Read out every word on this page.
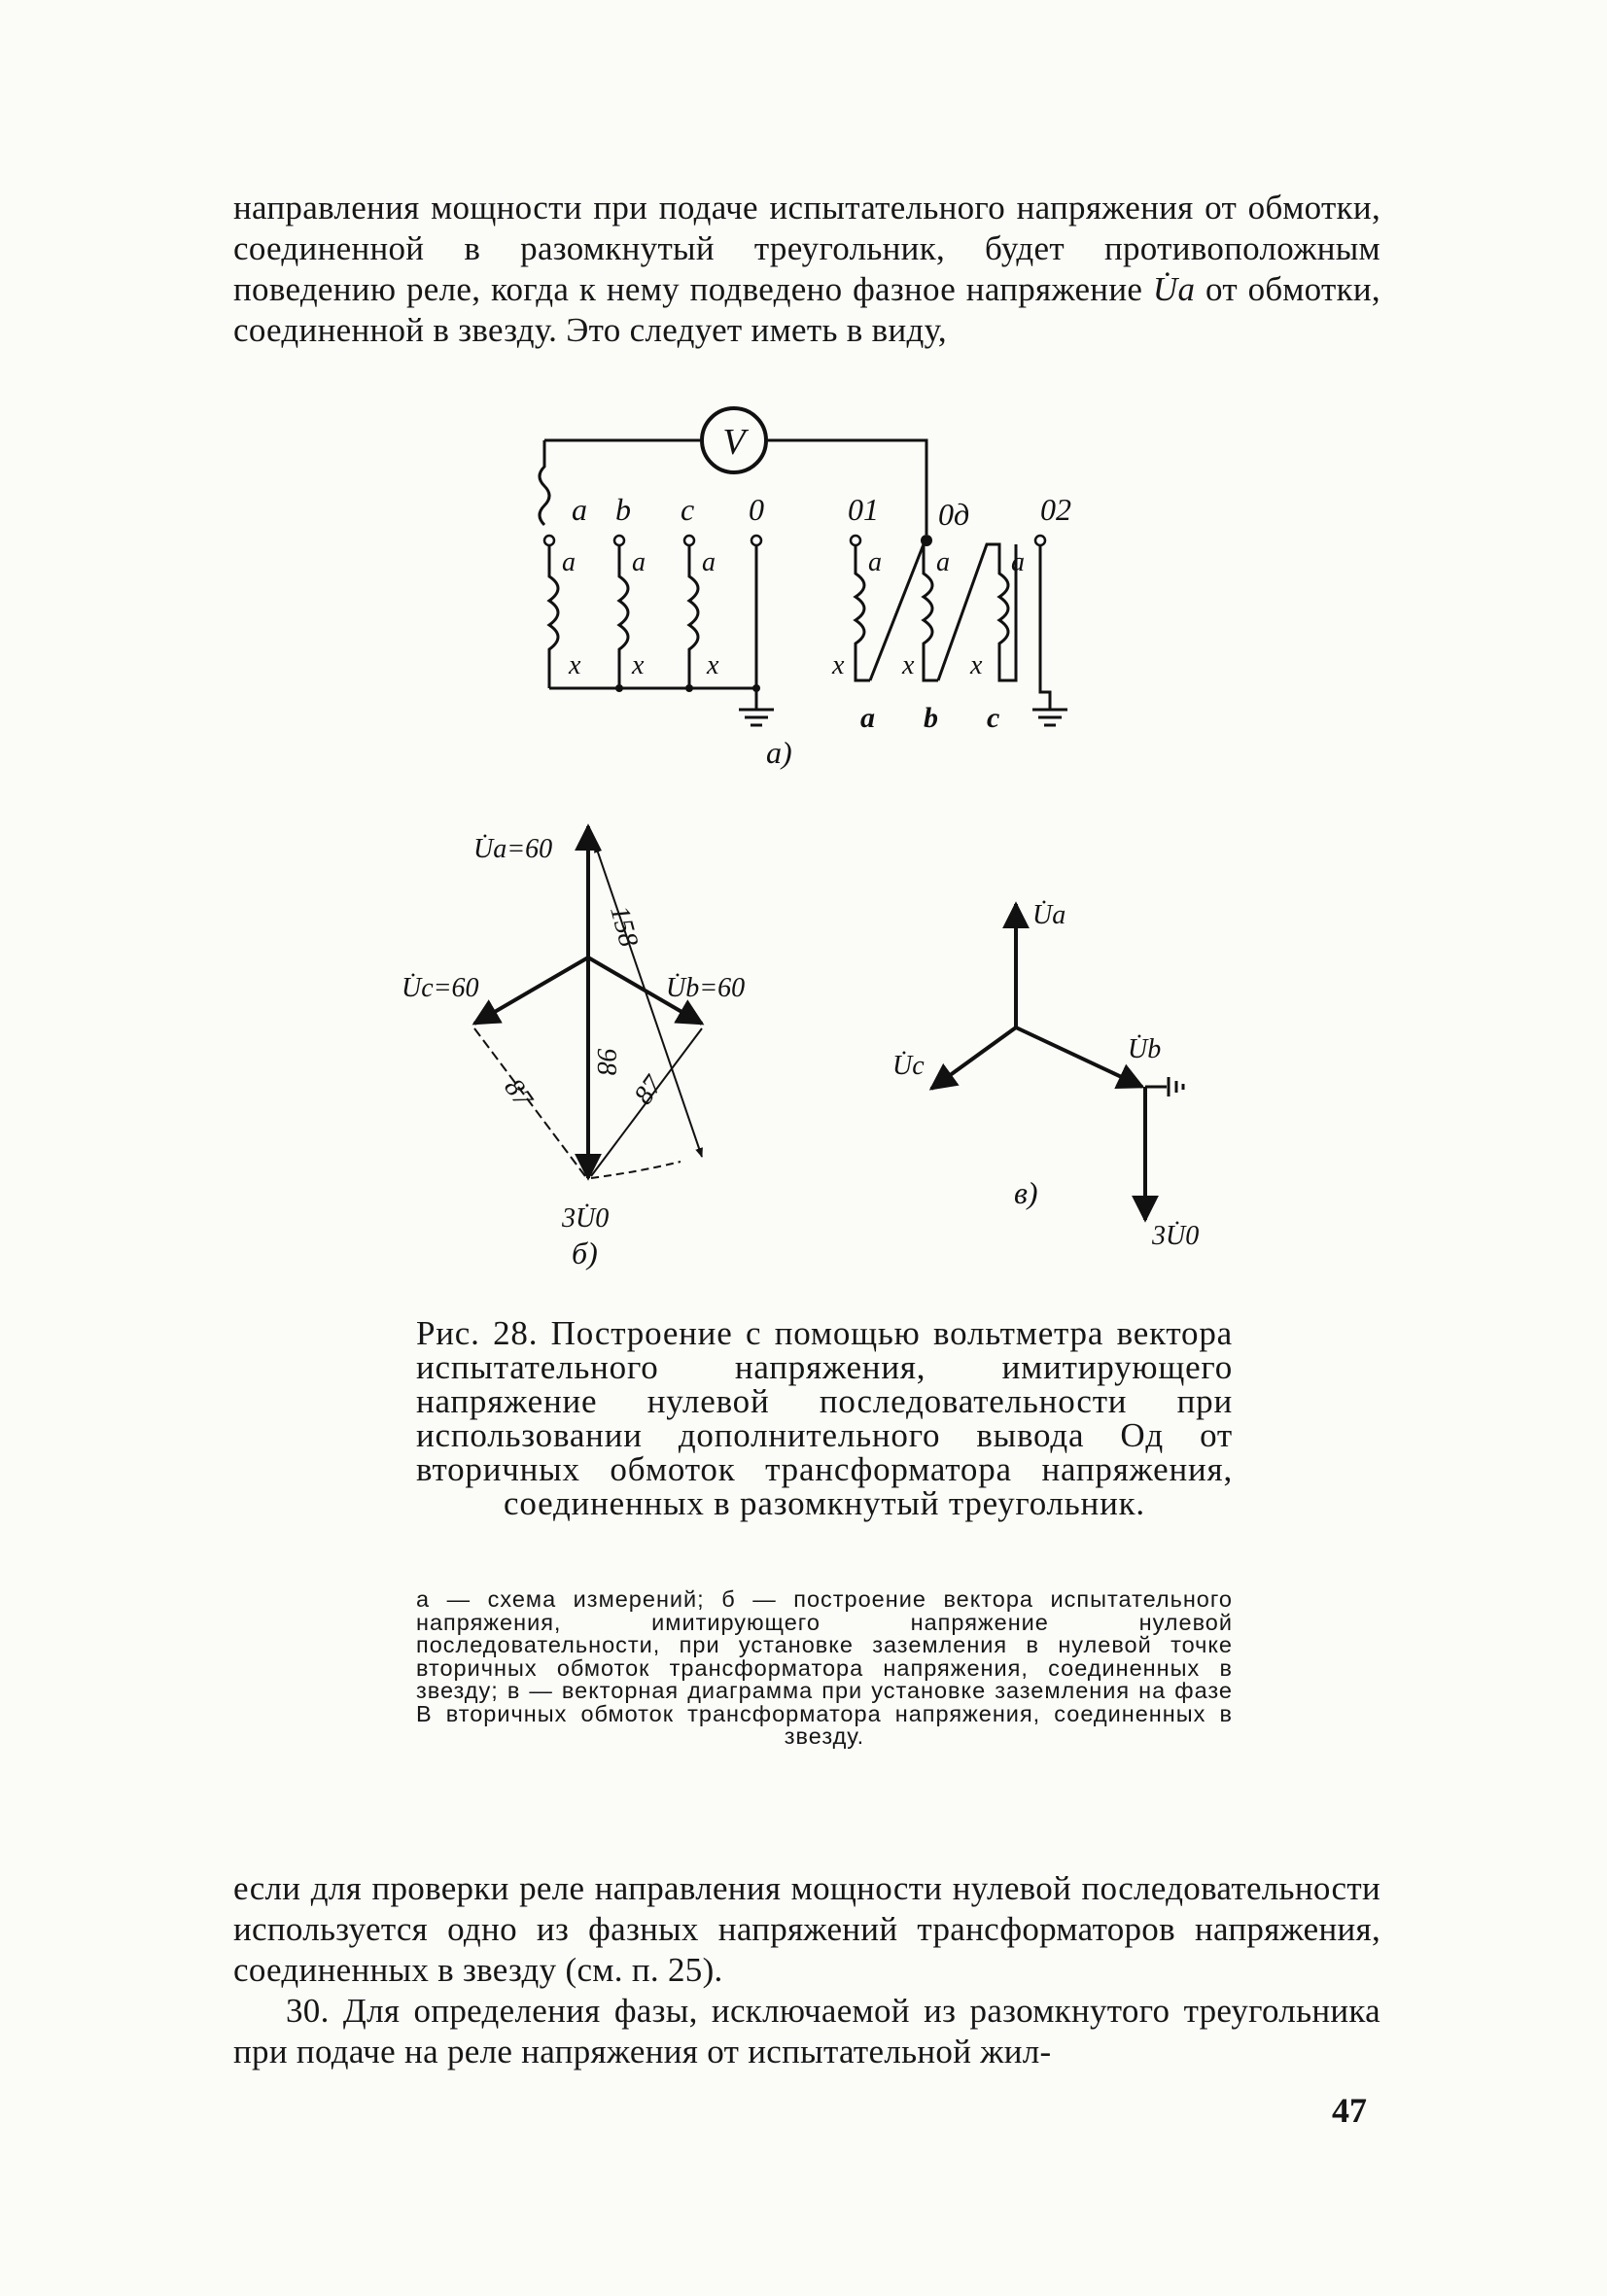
направления мощности при подаче испытательного напряжения от обмотки, соединенной в разомкнутый треугольник, будет противоположным поведению реле, когда к нему подведено фазное напряжение U̇a от обмотки, соединенной в звезду. Это следует иметь в виду,

V
a b c 0	01 0д 02
a a a	a a a
x x x	x x x
a b c
а)
U̇a=60
U̇c=60	U̇b=60
158
98
87	87
3U̇0
б)
U̇a
U̇c
U̇b
3U̇0
в)
Рис. 28. Построение с помощью вольтметра вектора испытательного напряжения, имитирующего напряжение нулевой последовательности при использовании дополнительного вывода Oд от вторичных обмоток трансформатора напряжения, соединенных в разомкнутый треугольник.
а — схема измерений; б — построение вектора испытательного напряжения, имитирующего напряжение нулевой последовательности, при установке заземления в нулевой точке вторичных обмоток трансформатора напряжения, соединенных в звезду; в — векторная диаграмма при установке заземления на фазе B вторичных обмоток трансформатора напряжения, соединенных в звезду.

если для проверки реле направления мощности нулевой последовательности используется одно из фазных напряжений трансформаторов напряжения, соединенных в звезду (см. п. 25).

30. Для определения фазы, исключаемой из разомкнутого треугольника при подаче на реле напряжения от испытательной жил-

47
